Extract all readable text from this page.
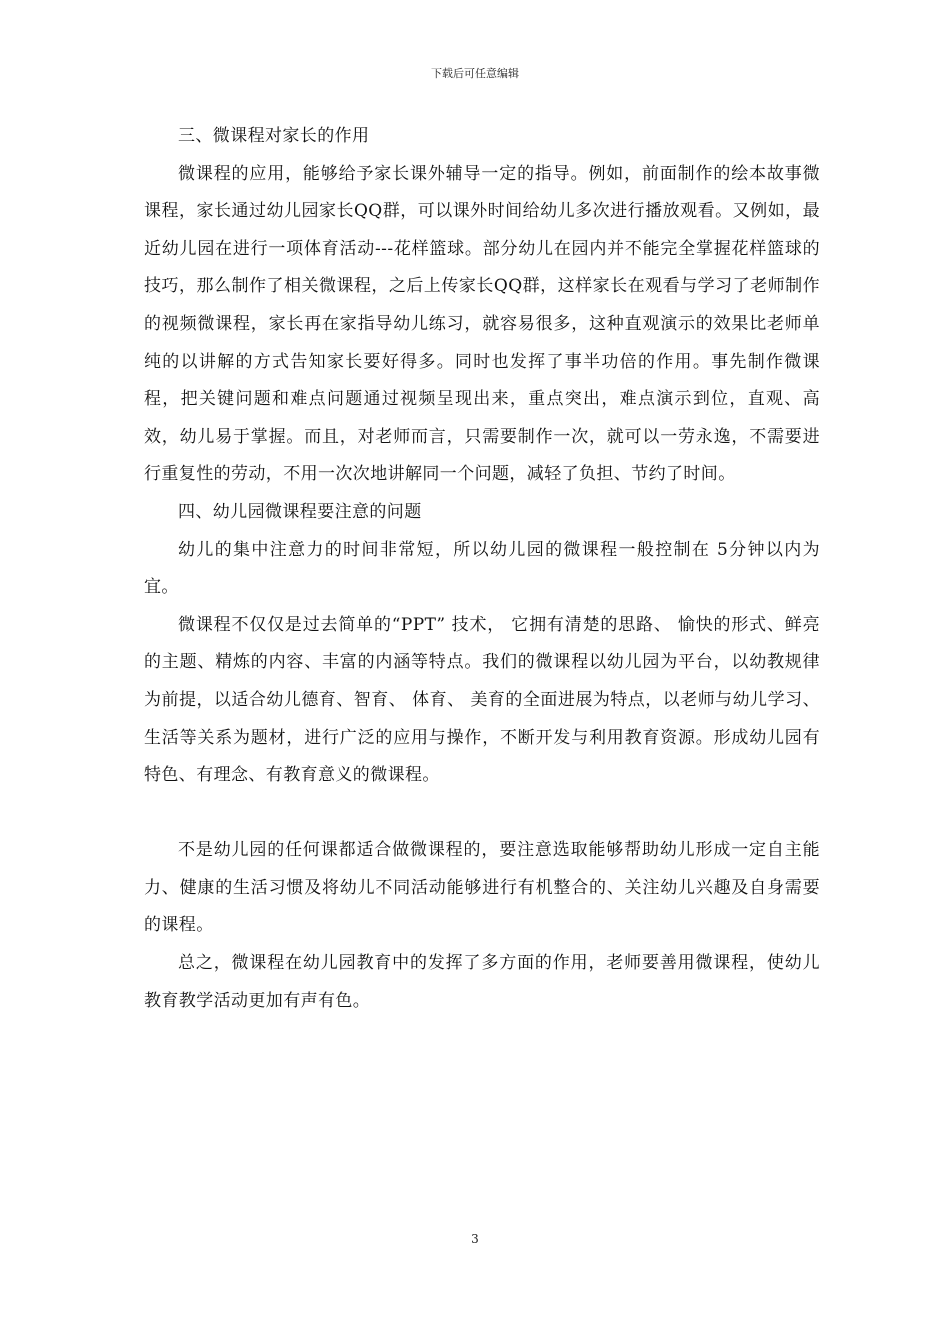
下载后可任意编辑

三、微课程对家长的作用

微课程的应用，能够给予家长课外辅导一定的指导。例如，前面制作的绘本故事微课程，家长通过幼儿园家长QQ群，可以课外时间给幼儿多次进行播放观看。又例如，最近幼儿园在进行一项体育活动---花样篮球。部分幼儿在园内并不能完全掌握花样篮球的技巧，那么制作了相关微课程，之后上传家长QQ群，这样家长在观看与学习了老师制作的视频微课程，家长再在家指导幼儿练习，就容易很多，这种直观演示的效果比老师单纯的以讲解的方式告知家长要好得多。同时也发挥了事半功倍的作用。事先制作微课程，把关键问题和难点问题通过视频呈现出来，重点突出，难点演示到位，直观、高效，幼儿易于掌握。而且，对老师而言，只需要制作一次，就可以一劳永逸，不需要进行重复性的劳动，不用一次次地讲解同一个问题，减轻了负担、节约了时间。

四、幼儿园微课程要注意的问题

幼儿的集中注意力的时间非常短，所以幼儿园的微课程一般控制在 5分钟以内为宜。

微课程不仅仅是过去简单的“PPT” 技术， 它拥有清楚的思路、 愉快的形式、鲜亮的主题、精炼的内容、丰富的内涵等特点。我们的微课程以幼儿园为平台，以幼教规律为前提，以适合幼儿德育、智育、 体育、 美育的全面进展为特点，以老师与幼儿学习、生活等关系为题材，进行广泛的应用与操作，不断开发与利用教育资源。形成幼儿园有特色、有理念、有教育意义的微课程。

不是幼儿园的任何课都适合做微课程的，要注意选取能够帮助幼儿形成一定自主能力、健康的生活习惯及将幼儿不同活动能够进行有机整合的、关注幼儿兴趣及自身需要的课程。

总之，微课程在幼儿园教育中的发挥了多方面的作用，老师要善用微课程，使幼儿教育教学活动更加有声有色。

3
